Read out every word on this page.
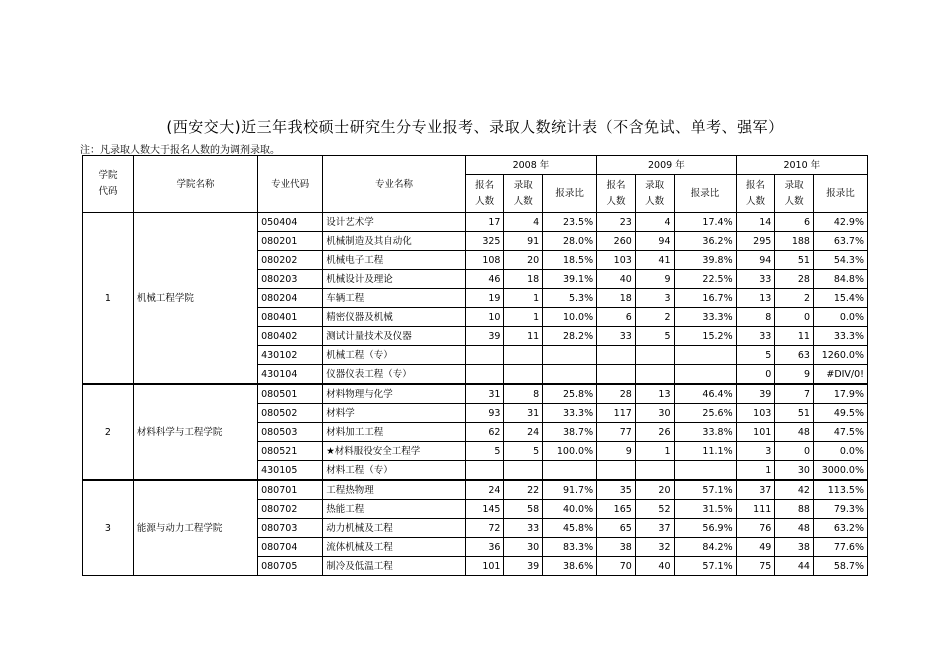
(西安交大)近三年我校硕士研究生分专业报考、录取人数统计表（不含免试、单考、强军）
注：凡录取人数大于报名人数的为调剂录取。
学院代码	学院名称	专业代码	专业名称	2008 年			2009 年			2010 年		
				报名人数	录取人数	报录比	报名人数	录取人数	报录比	报名人数	录取人数	报录比
1	机械工程学院	050404	设计艺术学	17	4	23.5%	23	4	17.4%	14	6	42.9%
		080201	机械制造及其自动化	325	91	28.0%	260	94	36.2%	295	188	63.7%
		080202	机械电子工程	108	20	18.5%	103	41	39.8%	94	51	54.3%
		080203	机械设计及理论	46	18	39.1%	40	9	22.5%	33	28	84.8%
		080204	车辆工程	19	1	5.3%	18	3	16.7%	13	2	15.4%
		080401	精密仪器及机械	10	1	10.0%	6	2	33.3%	8	0	0.0%
		080402	测试计量技术及仪器	39	11	28.2%	33	5	15.2%	33	11	33.3%
		430102	机械工程（专）							5	63	1260.0%
		430104	仪器仪表工程（专）							0	9	#DIV/0!
2	材料科学与工程学院	080501	材料物理与化学	31	8	25.8%	28	13	46.4%	39	7	17.9%
		080502	材料学	93	31	33.3%	117	30	25.6%	103	51	49.5%
		080503	材料加工工程	62	24	38.7%	77	26	33.8%	101	48	47.5%
		080521	★材料服役安全工程学	5	5	100.0%	9	1	11.1%	3	0	0.0%
		430105	材料工程（专）							1	30	3000.0%
3	能源与动力工程学院	080701	工程热物理	24	22	91.7%	35	20	57.1%	37	42	113.5%
		080702	热能工程	145	58	40.0%	165	52	31.5%	111	88	79.3%
		080703	动力机械及工程	72	33	45.8%	65	37	56.9%	76	48	63.2%
		080704	流体机械及工程	36	30	83.3%	38	32	84.2%	49	38	77.6%
		080705	制冷及低温工程	101	39	38.6%	70	40	57.1%	75	44	58.7%
